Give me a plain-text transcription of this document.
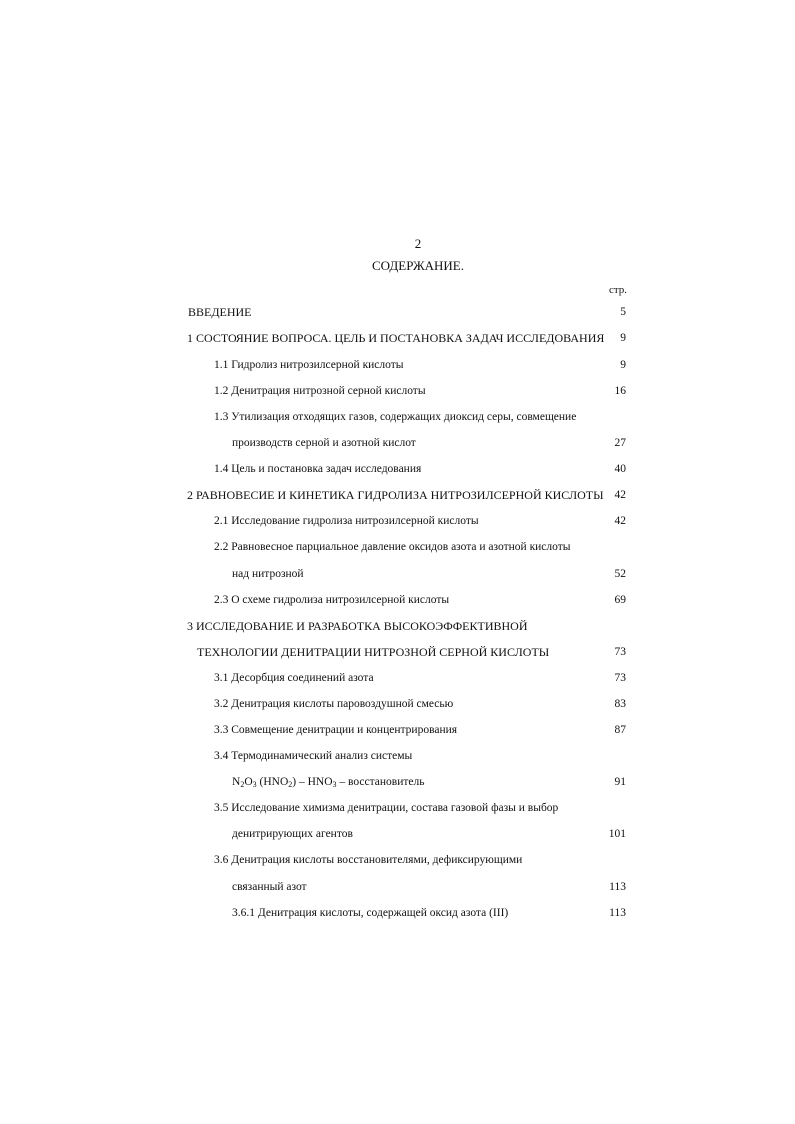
2
СОДЕРЖАНИЕ.
стр.
ВВЕДЕНИЕ	5
1 СОСТОЯНИЕ ВОПРОСА. ЦЕЛЬ И ПОСТАНОВКА ЗАДАЧ ИССЛЕДОВАНИЯ	9
1.1 Гидролиз нитрозилсерной кислоты	9
1.2 Денитрация нитрозной серной кислоты	16
1.3 Утилизация отходящих газов, содержащих диоксид серы, совмещение
производств серной и азотной кислот	27
1.4 Цель и постановка задач исследования	40
2 РАВНОВЕСИЕ И КИНЕТИКА ГИДРОЛИЗА НИТРОЗИЛСЕРНОЙ КИСЛОТЫ 42
2.1 Исследование гидролиза нитрозилсерной кислоты	42
2.2 Равновесное парциальное давление оксидов азота и азотной кислоты
над нитрозной	52
2.3 О схеме гидролиза нитрозилсерной кислоты	69
3 ИССЛЕДОВАНИЕ И РАЗРАБОТКА ВЫСОКОЭФФЕКТИВНОЙ
ТЕХНОЛОГИИ ДЕНИТРАЦИИ НИТРОЗНОЙ СЕРНОЙ КИСЛОТЫ	73
3.1 Десорбция соединений азота	73
3.2 Денитрация кислоты паровоздушной смесью	83
3.3 Совмещение денитрации и концентрирования	87
3.4 Термодинамический анализ системы
$N_2O_3$ $(HNO_2) - HNO_3$ – восстановитель	91
3.5 Исследование химизма денитрации, состава газовой фазы и выбор
денитрирующих агентов	101
3.6 Денитрация кислоты восстановителями, дефиксирующими
связанный азот	113
3.6.1 Денитрация кислоты, содержащей оксид азота (III)	113
